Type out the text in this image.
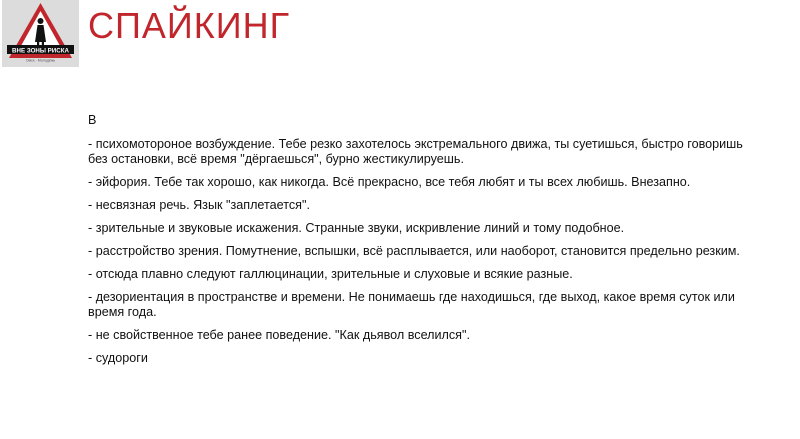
ВНЕ ЗОНЫ РИСКА
Омск · Молодёжь
СПАЙКИНГ

В

- психомотороное возбуждение. Тебе резко захотелось экстремального движа, ты суетишься, быстро говоришь без остановки, всё время "дёргаешься", бурно жестикулируешь.

- эйфория. Тебе так хорошо, как никогда. Всё прекрасно, все тебя любят и ты всех любишь. Внезапно.

- несвязная речь. Язык "заплетается".

- зрительные и звуковые искажения. Странные звуки, искривление линий и тому подобное.

- расстройство зрения. Помутнение, вспышки, всё расплывается, или наоборот, становится предельно резким.

- отсюда плавно следуют галлюцинации, зрительные и слуховые и всякие разные.

- дезориентация в пространстве и времени. Не понимаешь где находишься, где выход, какое время суток или время года.

- не свойственное тебе ранее поведение. "Как дьявол вселился".

- судороги
